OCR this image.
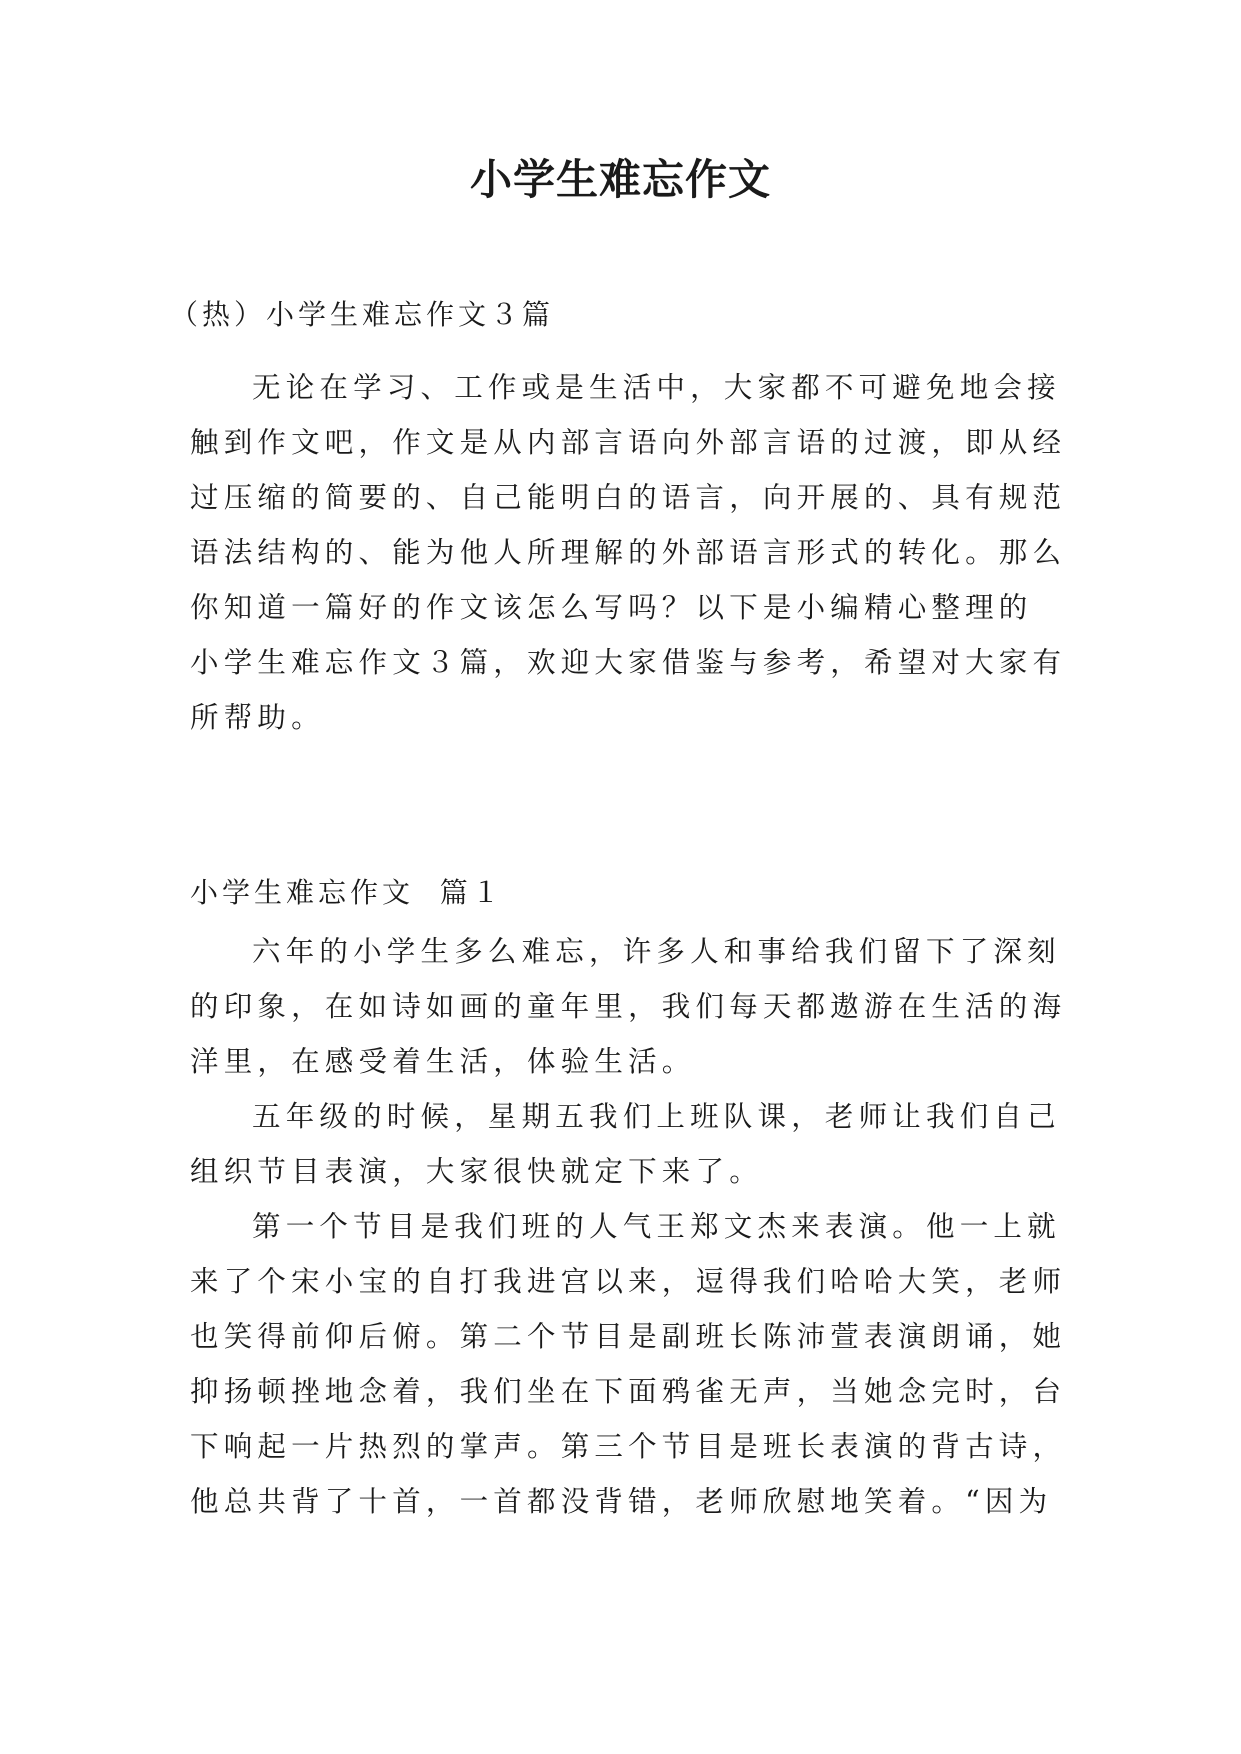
小学生难忘作文
（热）小学生难忘作文３篇
无论在学习、工作或是生活中，大家都不可避免地会接
触到作文吧，作文是从内部言语向外部言语的过渡，即从经
过压缩的简要的、自己能明白的语言，向开展的、具有规范
语法结构的、能为他人所理解的外部语言形式的转化。那么
你知道一篇好的作文该怎么写吗？以下是小编精心整理的
小学生难忘作文３篇，欢迎大家借鉴与参考，希望对大家有
所帮助。
小学生难忘作文  篇１
六年的小学生多么难忘，许多人和事给我们留下了深刻
的印象，在如诗如画的童年里，我们每天都遨游在生活的海
洋里，在感受着生活，体验生活。
五年级的时候，星期五我们上班队课，老师让我们自己
组织节目表演，大家很快就定下来了。
第一个节目是我们班的人气王郑文杰来表演。他一上就
来了个宋小宝的自打我进宫以来，逗得我们哈哈大笑，老师
也笑得前仰后俯。第二个节目是副班长陈沛萱表演朗诵，她
抑扬顿挫地念着，我们坐在下面鸦雀无声，当她念完时，台
下响起一片热烈的掌声。第三个节目是班长表演的背古诗，
他总共背了十首，一首都没背错，老师欣慰地笑着。“因为
